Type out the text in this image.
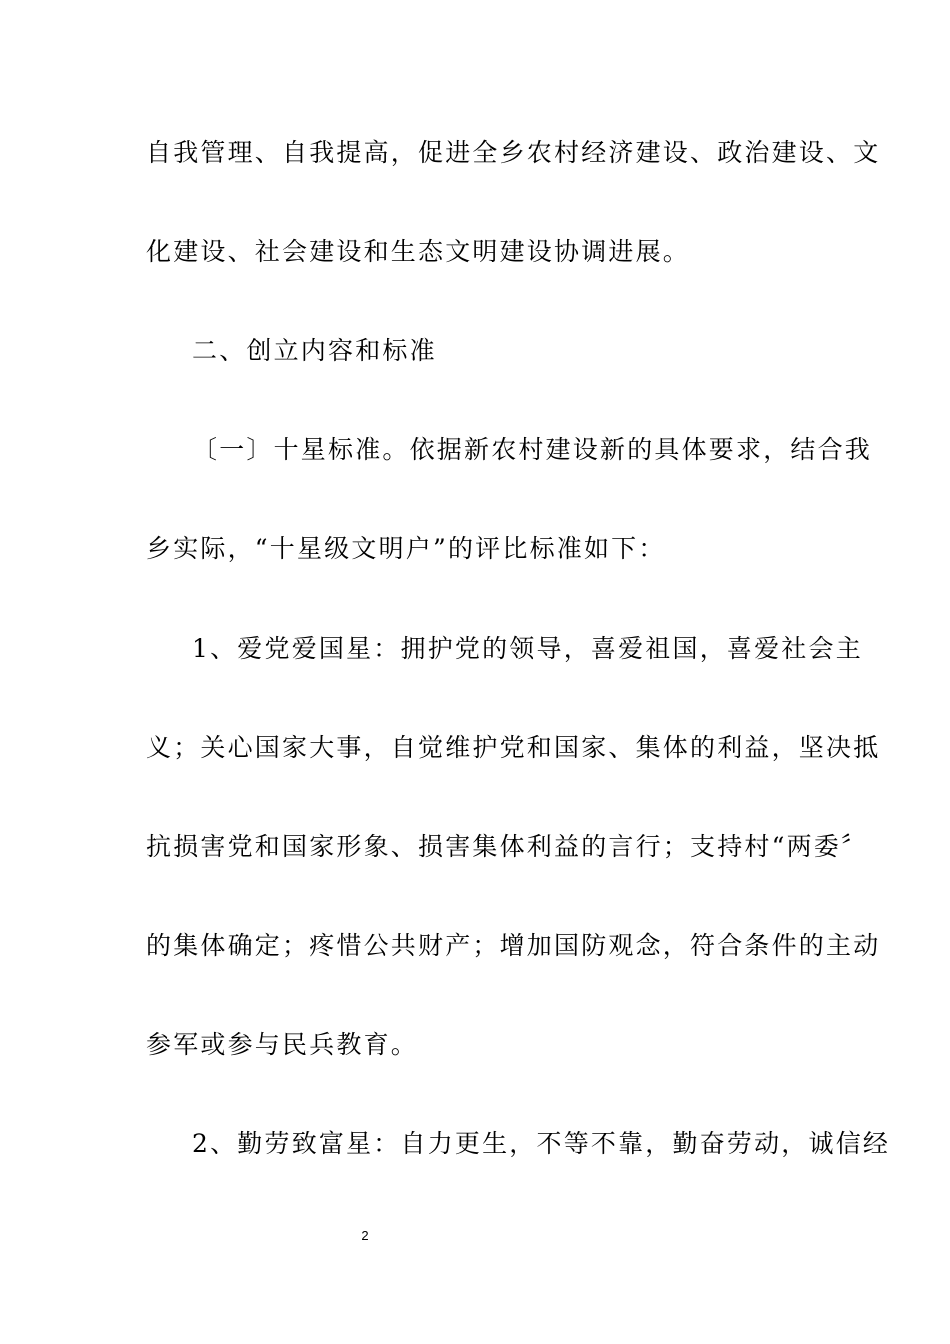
自我管理、自我提高，促进全乡农村经济建设、政治建设、文
化建设、社会建设和生态文明建设协调进展。
二、创立内容和标准
〔一〕十星标准。依据新农村建设新的具体要求，结合我
乡实际，“十星级文明户”的评比标准如下：
1、爱党爱国星：拥护党的领导，喜爱祖国，喜爱社会主
义；关心国家大事，自觉维护党和国家、集体的利益，坚决抵
抗损害党和国家形象、损害集体利益的言行；支持村“两委〞
的集体确定；疼惜公共财产；增加国防观念，符合条件的主动
参军或参与民兵教育。
2、勤劳致富星：自力更生，不等不靠，勤奋劳动，诚信经
2
